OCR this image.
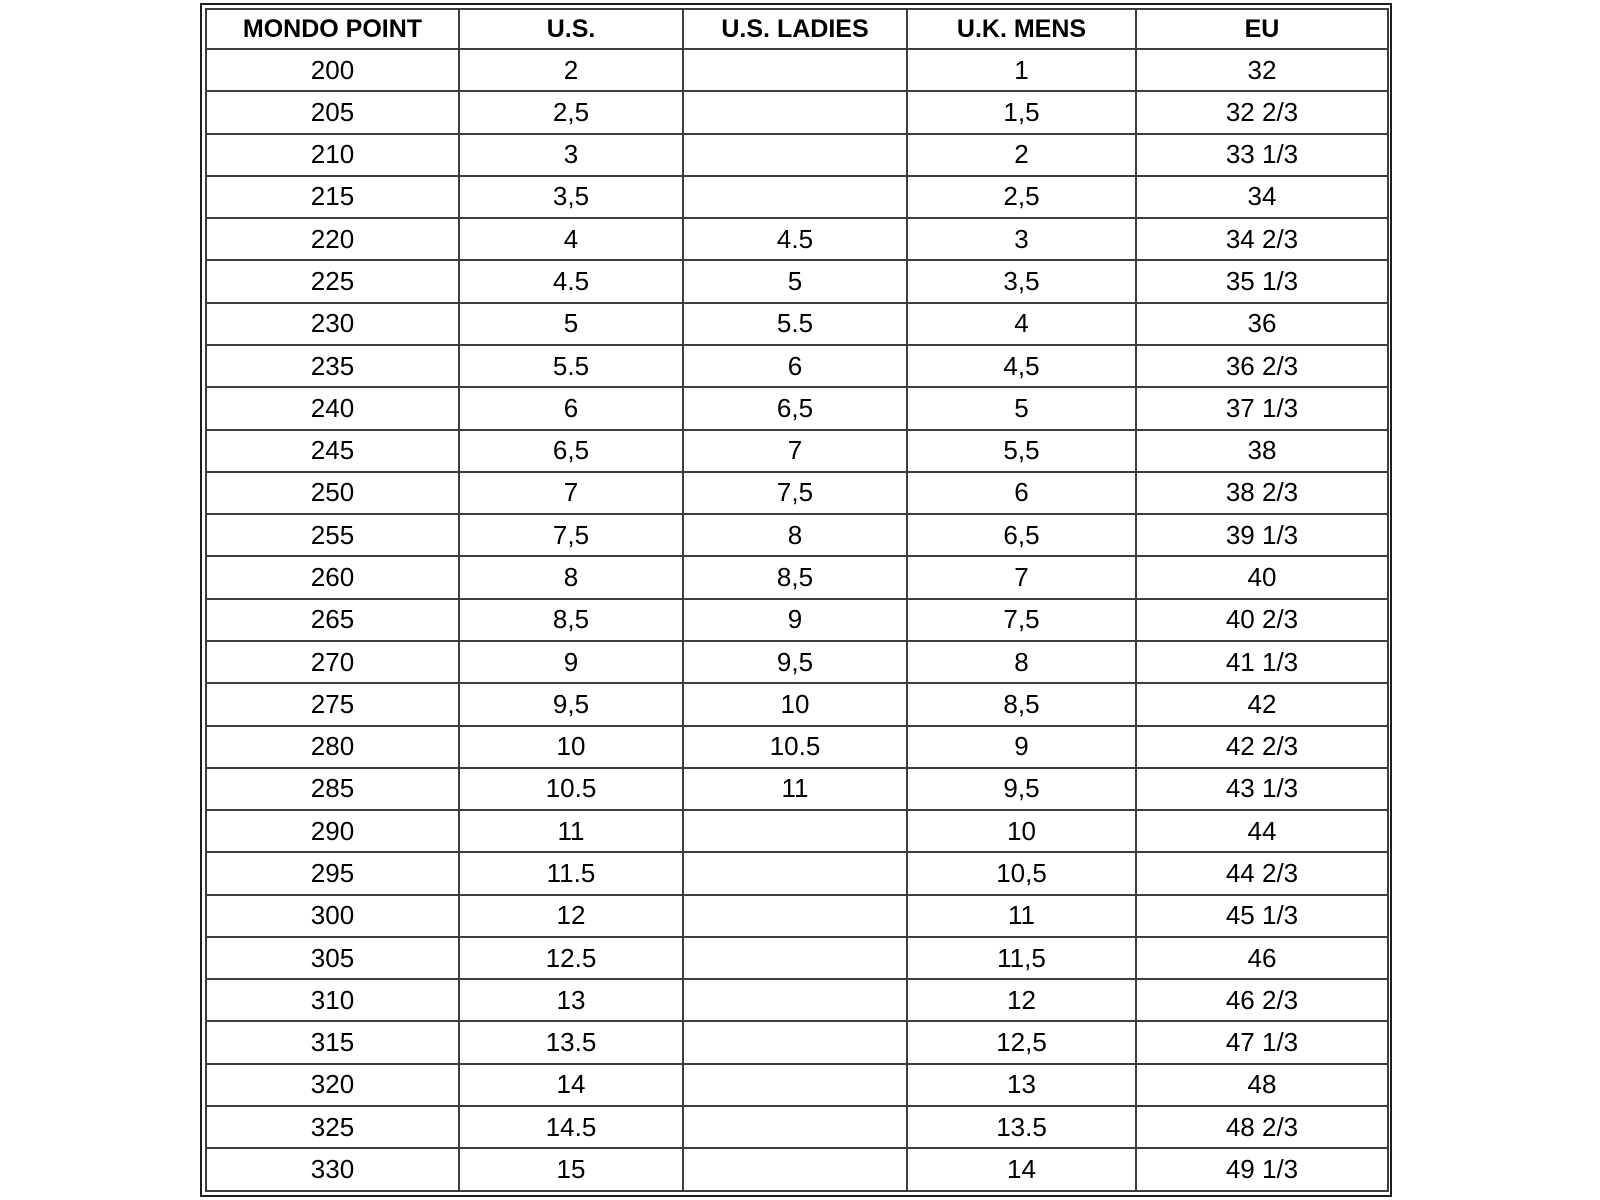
MONDO POINT	U.S.	U.S. LADIES	U.K. MENS	EU
200	2		1	32
205	2,5		1,5	32 2/3
210	3		2	33 1/3
215	3,5		2,5	34
220	4	4.5	3	34 2/3
225	4.5	5	3,5	35 1/3
230	5	5.5	4	36
235	5.5	6	4,5	36 2/3
240	6	6,5	5	37 1/3
245	6,5	7	5,5	38
250	7	7,5	6	38 2/3
255	7,5	8	6,5	39 1/3
260	8	8,5	7	40
265	8,5	9	7,5	40 2/3
270	9	9,5	8	41 1/3
275	9,5	10	8,5	42
280	10	10.5	9	42 2/3
285	10.5	11	9,5	43 1/3
290	11		10	44
295	11.5		10,5	44 2/3
300	12		11	45 1/3
305	12.5		11,5	46
310	13		12	46 2/3
315	13.5		12,5	47 1/3
320	14		13	48
325	14.5		13.5	48 2/3
330	15		14	49 1/3
